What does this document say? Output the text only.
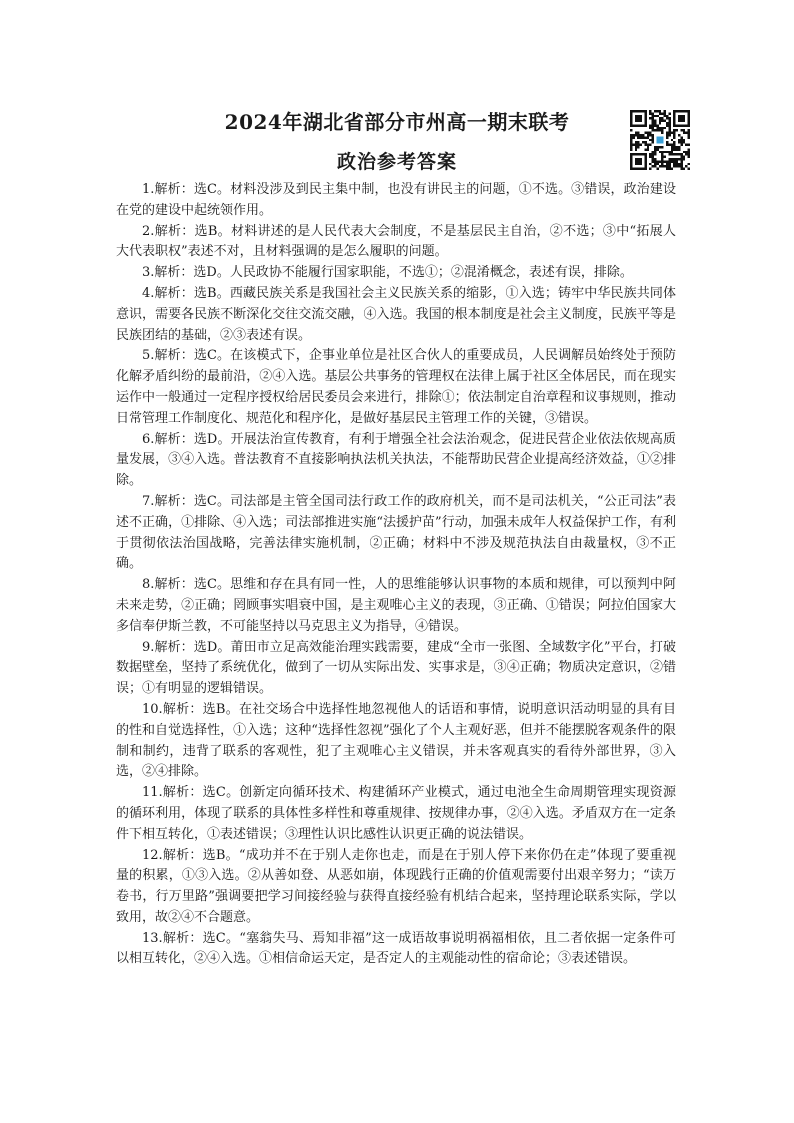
2024年湖北省部分市州高一期末联考
政治参考答案

1.解析：选C。材料没涉及到民主集中制，也没有讲民主的问题，①不选。③错误，政治建设在党的建设中起统领作用。

2.解析：选B。材料讲述的是人民代表大会制度，不是基层民主自治，②不选；③中“拓展人大代表职权”表述不对，且材料强调的是怎么履职的问题。

3.解析：选D。人民政协不能履行国家职能，不选①；②混淆概念，表述有误，排除。

4.解析：选B。西藏民族关系是我国社会主义民族关系的缩影，①入选；铸牢中华民族共同体意识，需要各民族不断深化交往交流交融，④入选。我国的根本制度是社会主义制度，民族平等是民族团结的基础，②③表述有误。

5.解析：选C。在该模式下，企事业单位是社区合伙人的重要成员，人民调解员始终处于预防化解矛盾纠纷的最前沿，②④入选。基层公共事务的管理权在法律上属于社区全体居民，而在现实运作中一般通过一定程序授权给居民委员会来进行，排除①；依法制定自治章程和议事规则，推动日常管理工作制度化、规范化和程序化，是做好基层民主管理工作的关键，③错误。

6.解析：选D。开展法治宣传教育，有利于增强全社会法治观念，促进民营企业依法依规高质量发展，③④入选。普法教育不直接影响执法机关执法，不能帮助民营企业提高经济效益，①②排除。

7.解析：选C。司法部是主管全国司法行政工作的政府机关，而不是司法机关，“公正司法”表述不正确，①排除、④入选；司法部推进实施“法援护苗”行动，加强未成年人权益保护工作，有利于贯彻依法治国战略，完善法律实施机制，②正确；材料中不涉及规范执法自由裁量权，③不正确。

8.解析：选C。思维和存在具有同一性，人的思维能够认识事物的本质和规律，可以预判中阿未来走势，②正确；罔顾事实唱衰中国，是主观唯心主义的表现，③正确、①错误；阿拉伯国家大多信奉伊斯兰教，不可能坚持以马克思主义为指导，④错误。

9.解析：选D。莆田市立足高效能治理实践需要，建成“全市一张图、全域数字化”平台，打破数据壁垒，坚持了系统优化，做到了一切从实际出发、实事求是，③④正确；物质决定意识，②错误；①有明显的逻辑错误。

10.解析：选B。在社交场合中选择性地忽视他人的话语和事情，说明意识活动明显的具有目的性和自觉选择性，①入选；这种“选择性忽视”强化了个人主观好恶，但并不能摆脱客观条件的限制和制约，违背了联系的客观性，犯了主观唯心主义错误，并未客观真实的看待外部世界，③入选，②④排除。

11.解析：选C。创新定向循环技术、构建循环产业模式，通过电池全生命周期管理实现资源的循环利用，体现了联系的具体性多样性和尊重规律、按规律办事，②④入选。矛盾双方在一定条件下相互转化，①表述错误；③理性认识比感性认识更正确的说法错误。

12.解析：选B。“成功并不在于别人走你也走，而是在于别人停下来你仍在走”体现了要重视量的积累，①③入选。②从善如登、从恶如崩，体现践行正确的价值观需要付出艰辛努力；“读万卷书，行万里路”强调要把学习间接经验与获得直接经验有机结合起来，坚持理论联系实际，学以致用，故②④不合题意。

13.解析：选C。“塞翁失马、焉知非福”这一成语故事说明祸福相依，且二者依据一定条件可以相互转化，②④入选。①相信命运天定，是否定人的主观能动性的宿命论；③表述错误。
